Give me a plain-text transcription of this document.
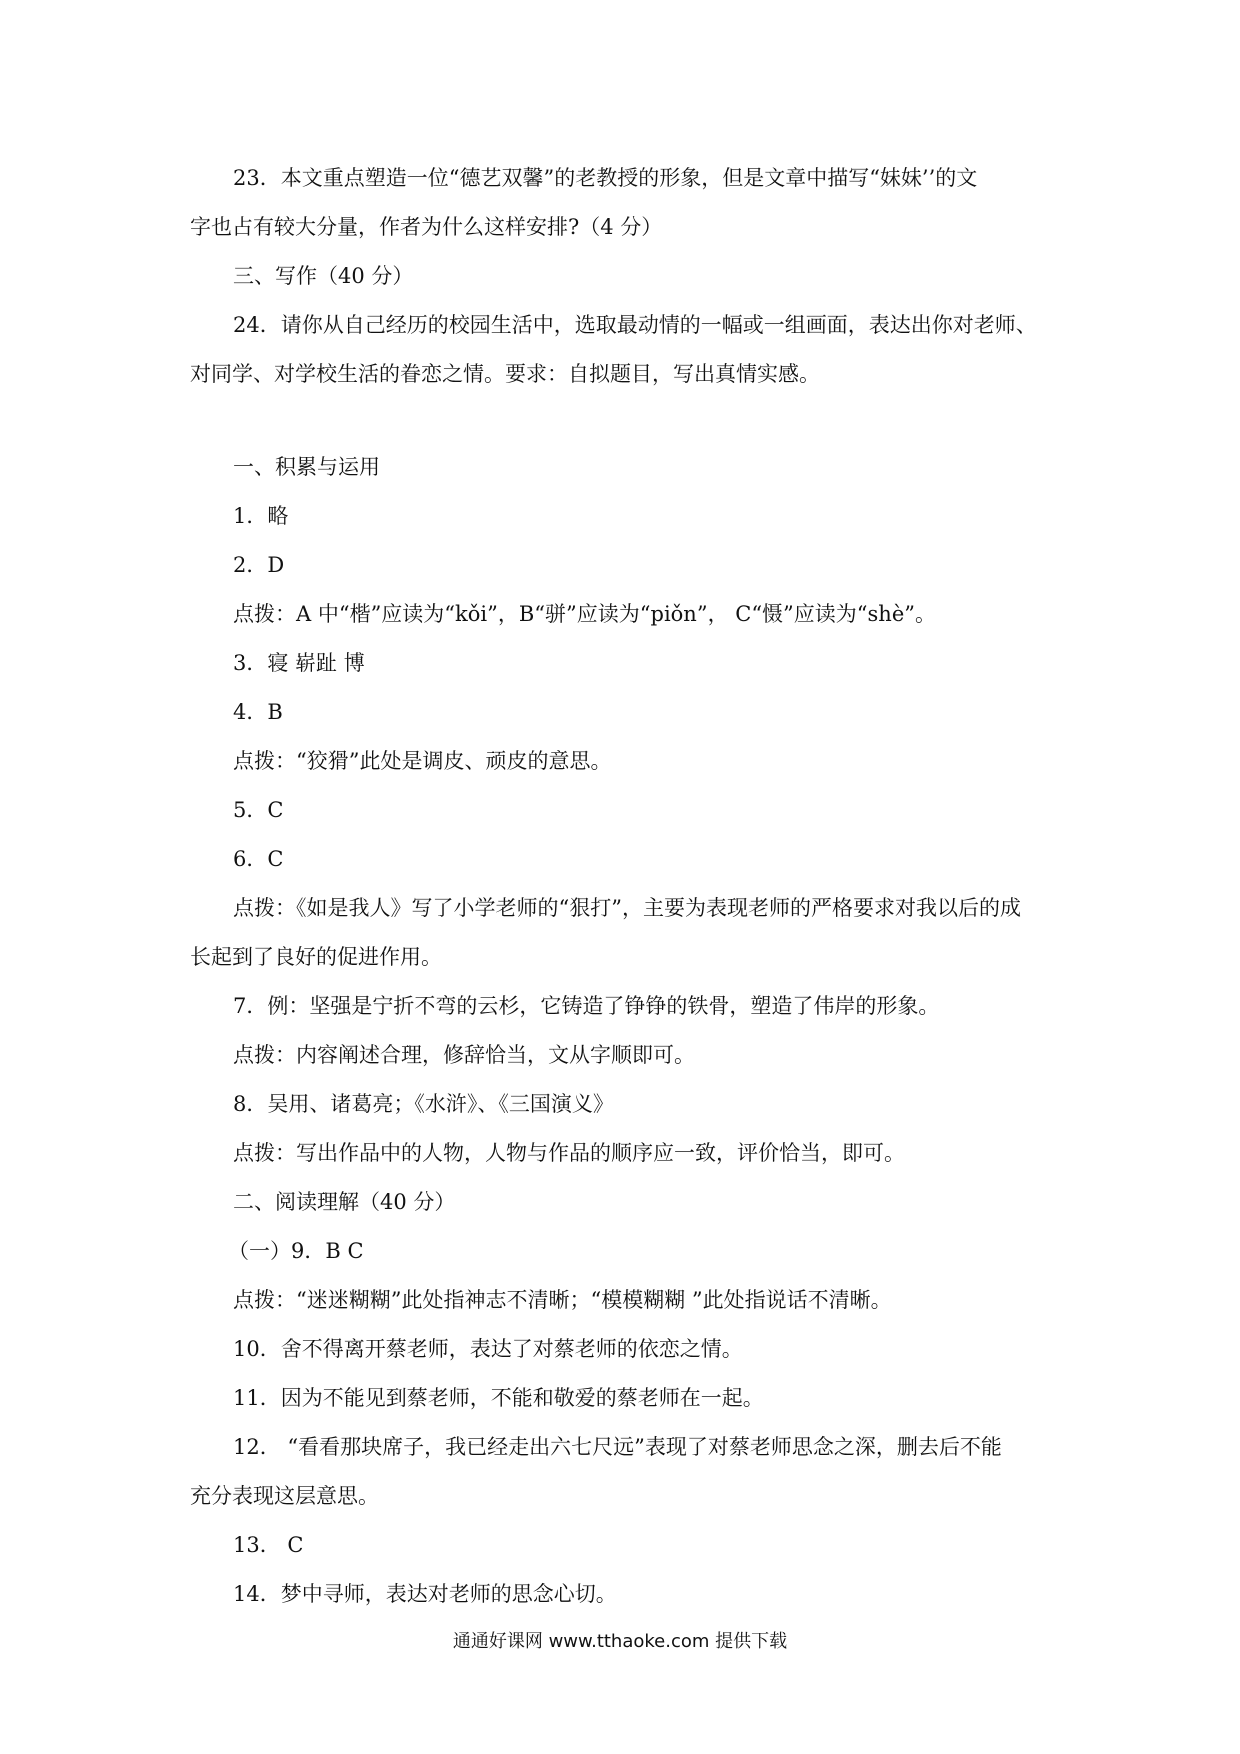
23．本文重点塑造一位“德艺双馨”的老教授的形象，但是文章中描写“妹妹’’的文
字也占有较大分量，作者为什么这样安排?（4 分）
三、写作（40 分）
24．请你从自己经历的校园生活中，选取最动情的一幅或一组画面，表达出你对老师、
对同学、对学校生活的眷恋之情。要求：自拟题目，写出真情实感。
一、积累与运用
1．略
2．D
点拨：A 中“楷”应读为“kǒi”，B“骈”应读为“piǒn”， C“慑”应读为“shè”。
3．寝 崭趾 博
4．B
点拨：“狡猾”此处是调皮、顽皮的意思。
5．C
6．C
点拨：《如是我人》写了小学老师的“狠打”，主要为表现老师的严格要求对我以后的成
长起到了良好的促进作用。
7．例：坚强是宁折不弯的云杉，它铸造了铮铮的铁骨，塑造了伟岸的形象。
点拨：内容阐述合理，修辞恰当，文从字顺即可。
8．吴用、诸葛亮；《水浒》、《三国演义》
点拨：写出作品中的人物，人物与作品的顺序应一致，评价恰当，即可。
二、阅读理解（40 分）
（一）9．B C
点拨：“迷迷糊糊”此处指神志不清晰；“模模糊糊 ”此处指说话不清晰。
10．舍不得离开蔡老师，表达了对蔡老师的依恋之情。
11．因为不能见到蔡老师，不能和敬爱的蔡老师在一起。
12． “看看那块席子，我已经走出六七尺远”表现了对蔡老师思念之深，删去后不能
充分表现这层意思。
13． C
14．梦中寻师，表达对老师的思念心切。
通通好课网 www.tthaoke.com 提供下载
